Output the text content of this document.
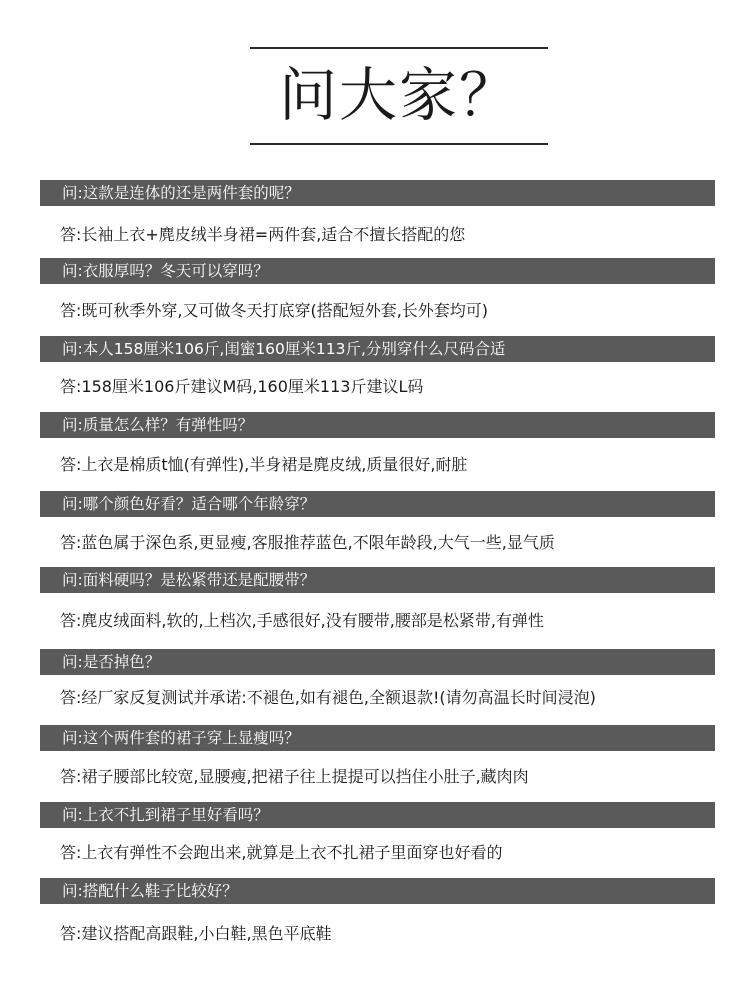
问大家？
问:这款是连体的还是两件套的呢？
答:长袖上衣+麂皮绒半身裙=两件套,适合不擅长搭配的您
问:衣服厚吗？冬天可以穿吗？
答:既可秋季外穿,又可做冬天打底穿(搭配短外套,长外套均可)
问:本人158厘米106斤,闺蜜160厘米113斤,分别穿什么尺码合适
答:158厘米106斤建议M码,160厘米113斤建议L码
问:质量怎么样？有弹性吗？
答:上衣是棉质t恤(有弹性),半身裙是麂皮绒,质量很好,耐脏
问:哪个颜色好看？适合哪个年龄穿？
答:蓝色属于深色系,更显瘦,客服推荐蓝色,不限年龄段,大气一些,显气质
问:面料硬吗？是松紧带还是配腰带？
答:麂皮绒面料,软的,上档次,手感很好,没有腰带,腰部是松紧带,有弹性
问:是否掉色？
答:经厂家反复测试并承诺:不褪色,如有褪色,全额退款!(请勿高温长时间浸泡)
问:这个两件套的裙子穿上显瘦吗？
答:裙子腰部比较宽,显腰瘦,把裙子往上提提可以挡住小肚子,藏肉肉
问:上衣不扎到裙子里好看吗？
答:上衣有弹性不会跑出来,就算是上衣不扎裙子里面穿也好看的
问:搭配什么鞋子比较好？
答:建议搭配高跟鞋,小白鞋,黑色平底鞋
